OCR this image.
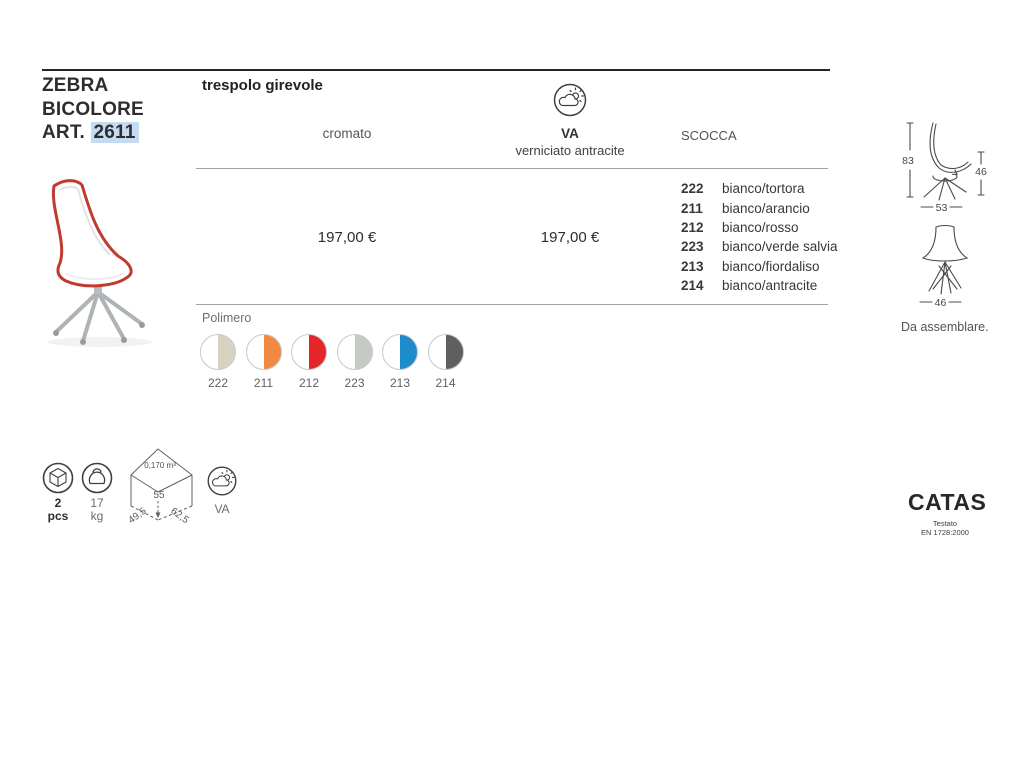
ZEBRA
BICOLORE
ART. 2611
trespolo girevole
cromato	VA
verniciato antracite
SCOCCA
197,00 €	197,00 €
222	bianco/tortora
211	bianco/arancio
212	bianco/rosso
223	bianco/verde salvia
213	bianco/fiordaliso
214	bianco/antracite
Polimero
222	211	212	223	213	214
0,170 m³
55
49,5 62,5
2
pcs
17
kg	VA
83
46
53
46
Da assemblare.
CATAS
Testato
EN 1728:2000
